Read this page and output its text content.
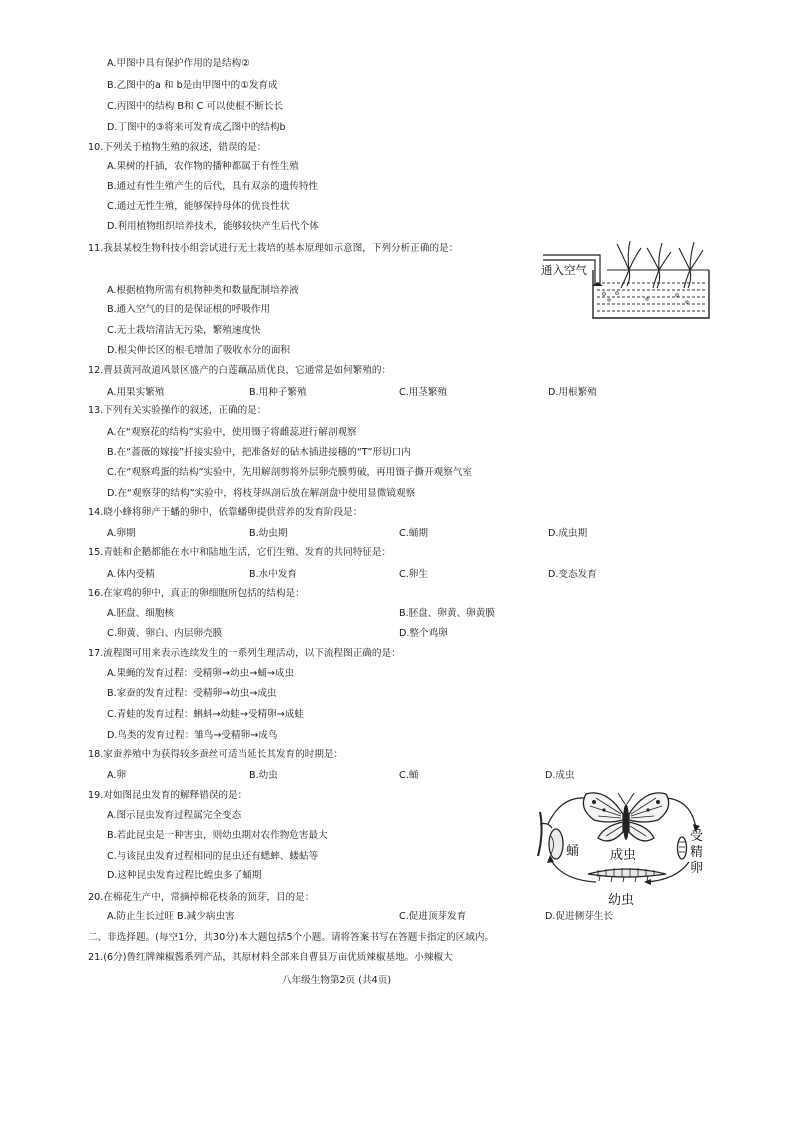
A.甲图中具有保护作用的是结构②
B.乙图中的a 和 b是由甲图中的①发育成
C.丙图中的结构 B和 C 可以使根不断长长
D.丁图中的③将来可发育成乙图中的结构b
10.下列关于植物生殖的叙述，错误的是：
A.果树的扦插，农作物的播种都属于有性生殖
B.通过有性生殖产生的后代，具有双亲的遗传特性
C.通过无性生殖，能够保持母体的优良性状
D.利用植物组织培养技术，能够较快产生后代个体
11.我县某校生物科技小组尝试进行无土栽培的基本原理如示意图，下列分析正确的是：
A.根据植物所需有机物种类和数量配制培养液
B.通入空气的目的是保证根的呼吸作用
C.无土栽培清洁无污染，繁殖速度快
D.根尖伸长区的根毛增加了吸收水分的面积
通入空气
12.曹县黄河故道风景区盛产的白莲藕品质优良，它通常是如何繁殖的：
A.用果实繁殖	B.用种子繁殖	C.用茎繁殖	D.用根繁殖
13.下列有关实验操作的叙述，正确的是：
A.在“观察花的结构”实验中，使用镊子将雌蕊进行解剖观察
B.在“蔷薇的嫁接”扦接实验中，把准备好的砧木插进接穗的“T”形切口内
C.在“观察鸡蛋的结构”实验中，先用解剖剪将外层卵壳膜剪破，再用镊子撕开观察气室
D.在“观察芽的结构”实验中，将枝芽纵剖后放在解剖盘中使用显微镜观察
14.晓小蜂将卵产于蟠的卵中，依靠蟠卵提供营养的发育阶段是：
A.卵期	B.幼虫期	C.蛹期	D.成虫期
15.青蛙和企鹅都能在水中和陆地生活，它们生殖、发育的共同特征是：
A.体内受精	B.水中发育	C.卵生	D.变态发育
16.在家鸡的卵中，真正的卵细胞所包括的结构是：
A.胚盘、细胞核	B.胚盘、卵黄、卵黄膜
C.卵黄、卵白、内层卵壳膜	D.整个鸡卵
17.流程图可用来表示连续发生的一系列生理活动，以下流程图正确的是：
A.果蝇的发育过程：受精卵→幼虫→蛹→成虫
B.家蚕的发育过程：受精卵→幼虫→成虫
C.青蛙的发育过程：蝌蚪→幼蛙→受精卵→成蛙
D.鸟类的发育过程：雏鸟→受精卵→成鸟
18.家蚕养殖中为获得较多蚕丝可适当延长其发育的时期是：
A.卵	B.幼虫	C.蛹	D.成虫
19.对如图昆虫发育的解释错误的是：
A.图示昆虫发育过程属完全变态
B.若此昆虫是一种害虫，则幼虫期对农作物危害最大
C.与该昆虫发育过程相同的昆虫还有蟋蟀、蝼蛄等
D.这种昆虫发育过程比蝗虫多了蛹期
成虫
蛹
受
精
卵
幼虫
20.在棉花生产中，常摘掉棉花枝条的顶芽，目的是：
A.防止生长过旺 B.减少病虫害	C.促进顶芽发育	D.促进侧芽生长
二、非选择题。(每空1分，共30分)本大题包括5个小题。请将答案书写在答题卡指定的区域内。
21.(6分)鲁红牌辣椒酱系列产品，其原材料全部来自曹县万亩优质辣椒基地。小辣椒大
八年级生物第2页 (共4页)
